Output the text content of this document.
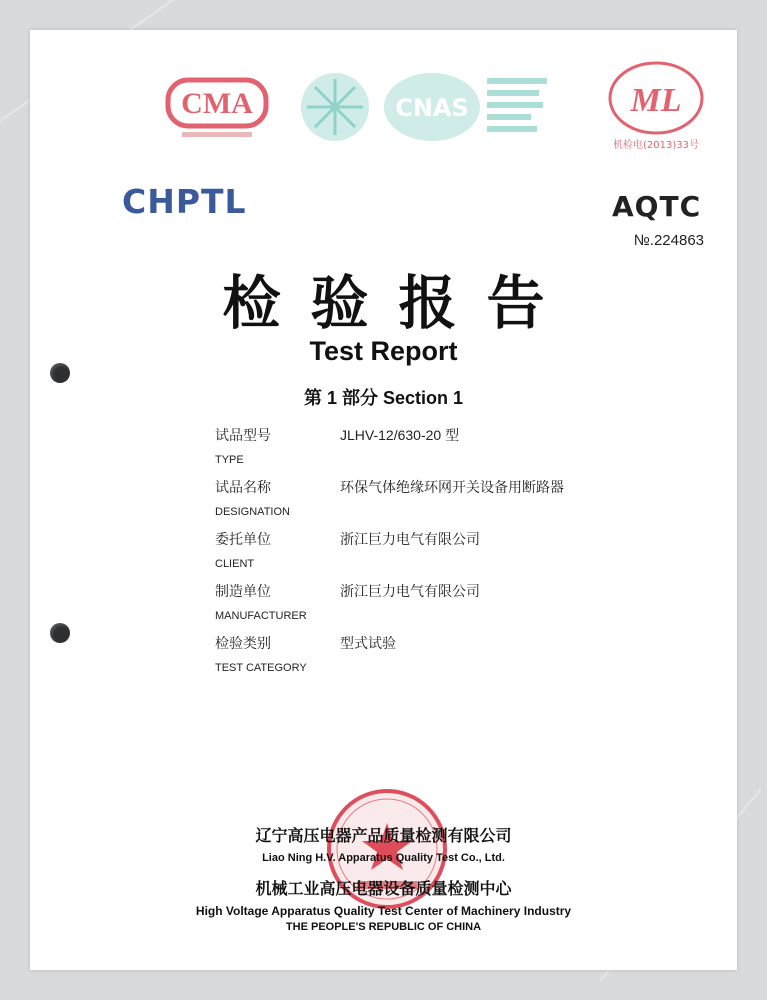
CMA	CNAS	ML
机检电(2013)33号
CHPTL	AQTC
№.224863
检验报告
Test Report
第 1 部分 Section 1
试品型号	JLHV-12/630-20 型
TYPE
试品名称	环保气体绝缘环网开关设备用断路器
DESIGNATION
委托单位	浙江巨力电气有限公司
CLIENT
制造单位	浙江巨力电气有限公司
MANUFACTURER
检验类别	型式试验
TEST CATEGORY
辽宁高压电器产品质量检测有限公司
Liao Ning H.V. Apparatus Quality Test Co., Ltd.
机械工业高压电器设备质量检测中心
High Voltage Apparatus Quality Test Center of Machinery Industry
THE PEOPLE'S REPUBLIC OF CHINA
